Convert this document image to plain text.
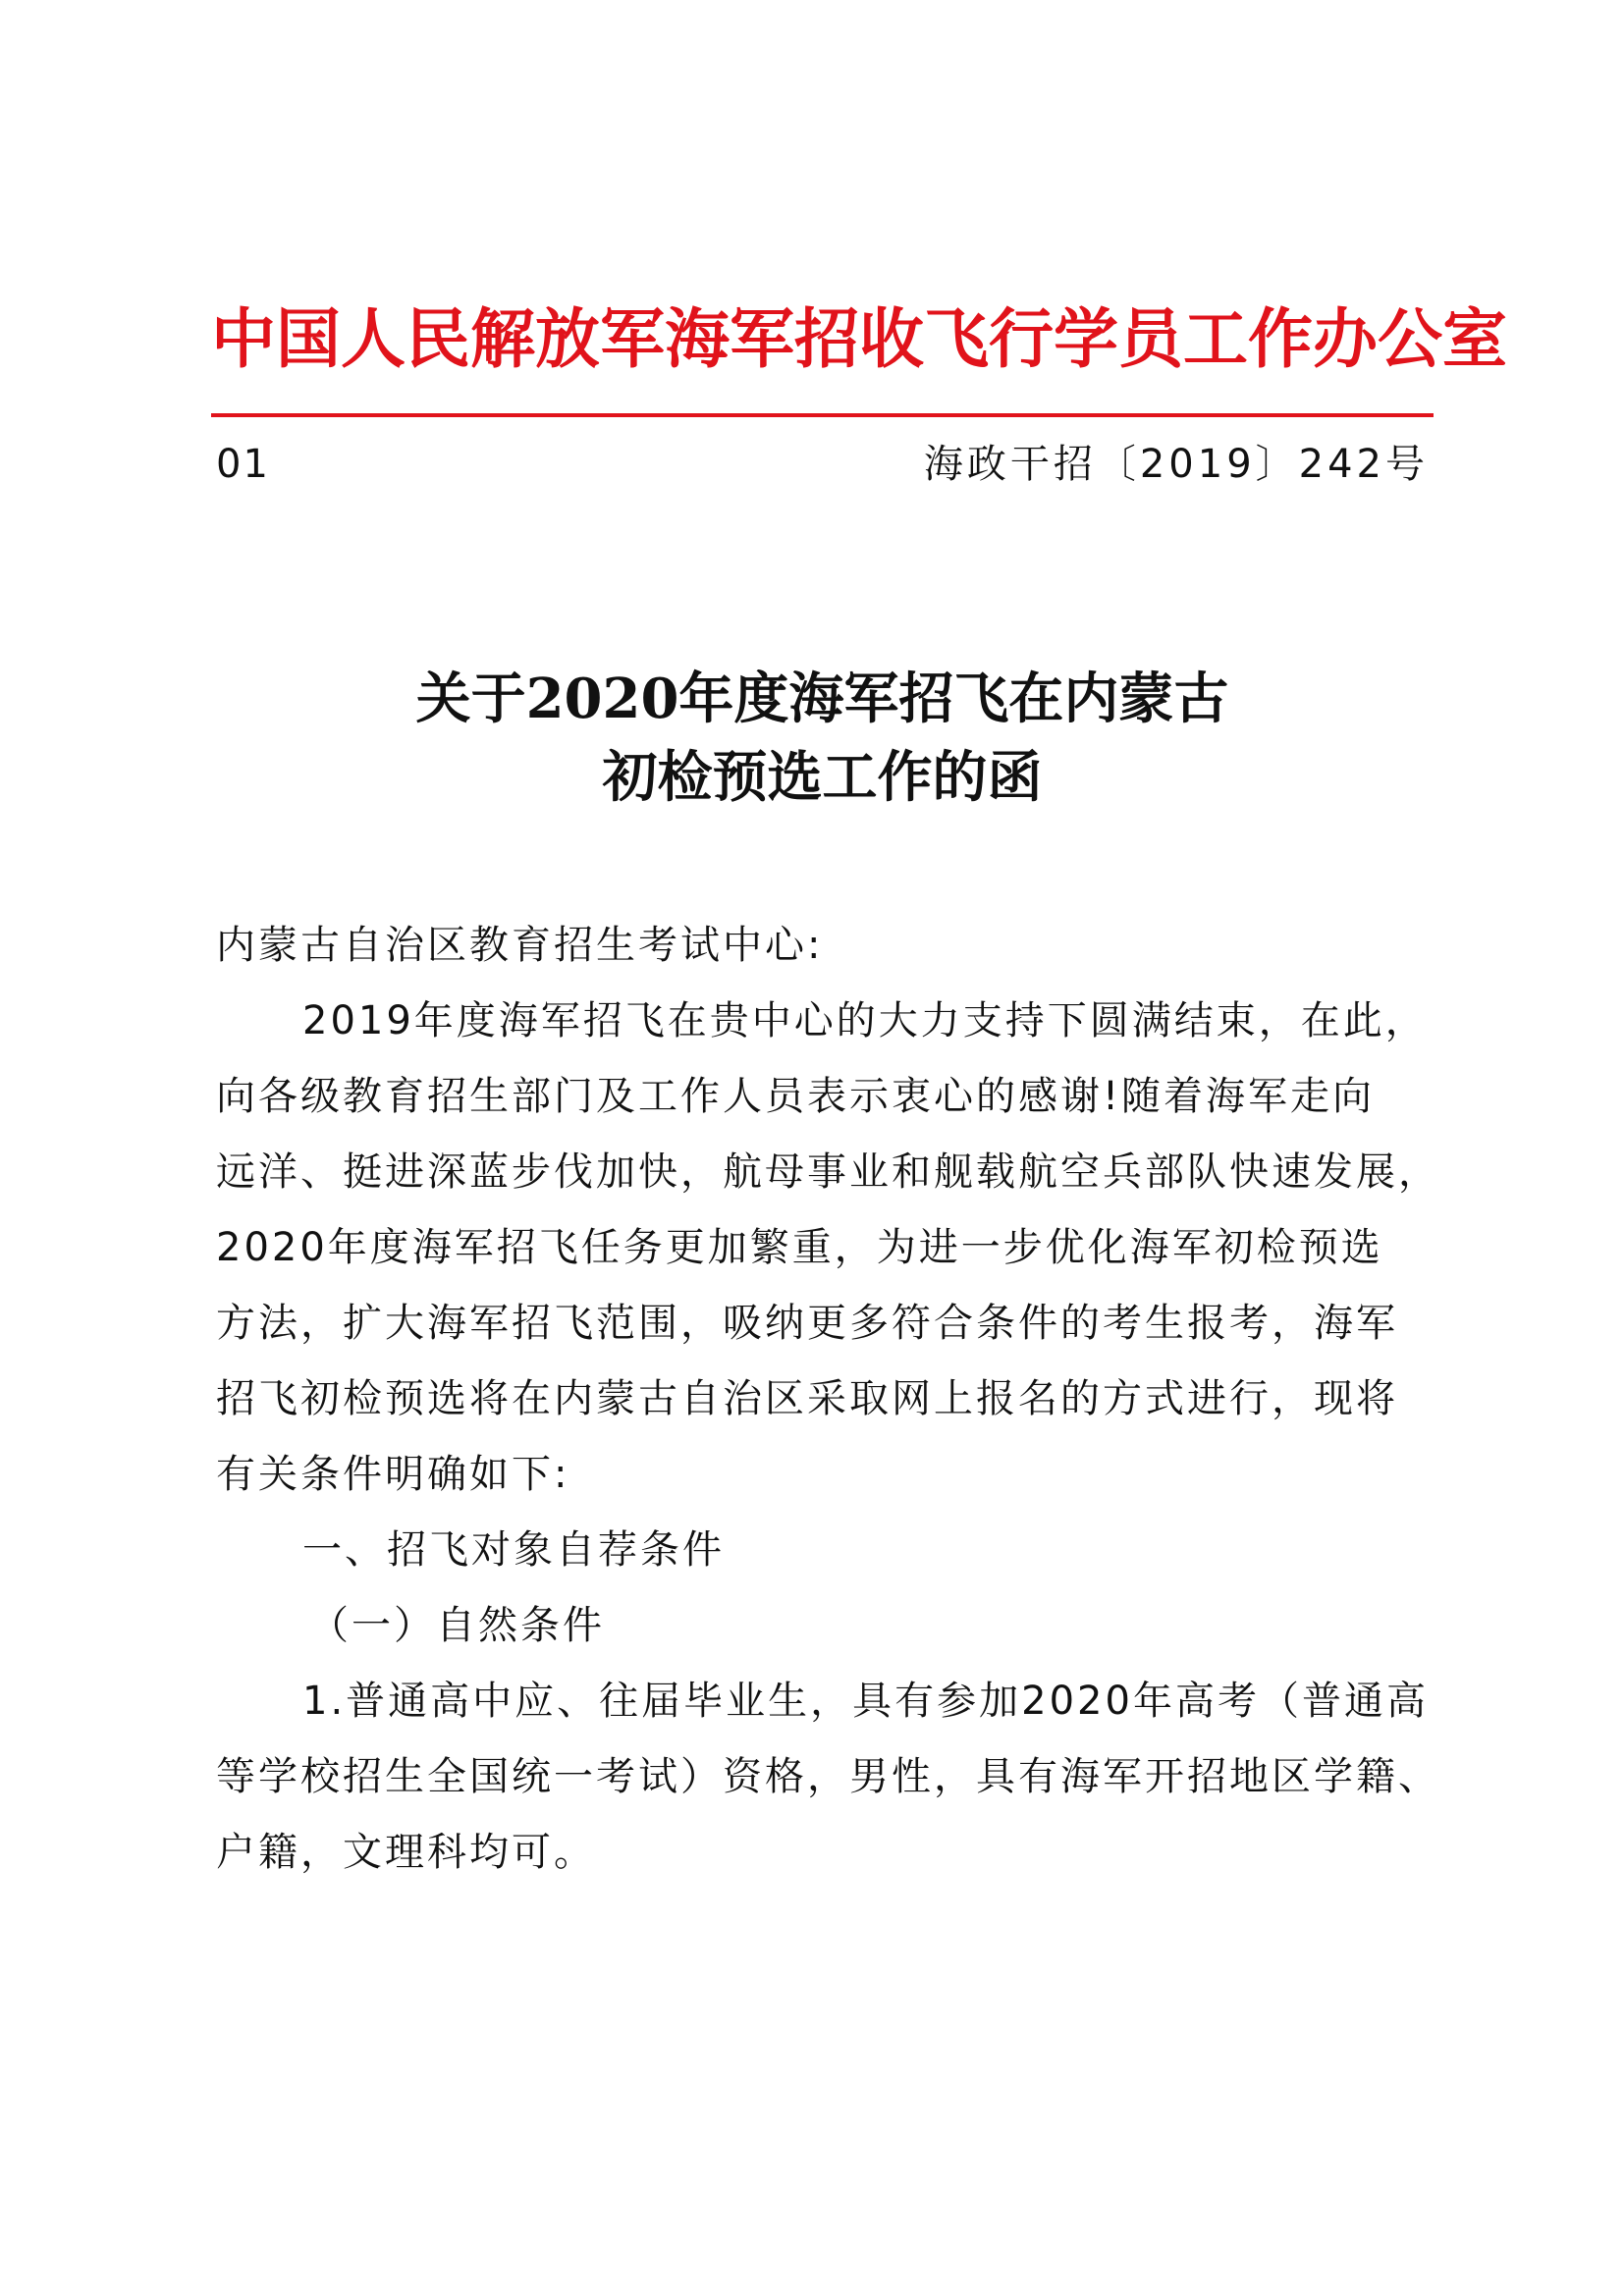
中国人民解放军海军招收飞行学员工作办公室
01	海政干招〔2019〕242号
关于2020年度海军招飞在内蒙古
初检预选工作的函
内蒙古自治区教育招生考试中心:
2019年度海军招飞在贵中心的大力支持下圆满结束，在此，
向各级教育招生部门及工作人员表示衷心的感谢!随着海军走向
远洋、挺进深蓝步伐加快，航母事业和舰载航空兵部队快速发展，
2020年度海军招飞任务更加繁重，为进一步优化海军初检预选
方法，扩大海军招飞范围，吸纳更多符合条件的考生报考，海军
招飞初检预选将在内蒙古自治区采取网上报名的方式进行，现将
有关条件明确如下:
一、招飞对象自荐条件
（一）自然条件
1.普通高中应、往届毕业生，具有参加2020年高考（普通高
等学校招生全国统一考试）资格，男性，具有海军开招地区学籍、
户籍，文理科均可。
